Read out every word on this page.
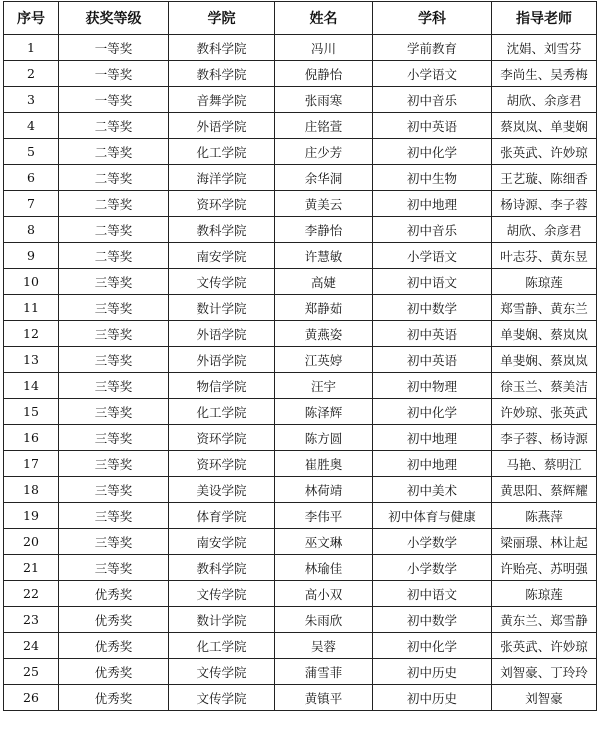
序号	获奖等级	学院	姓名	学科	指导老师
1	一等奖	教科学院	冯川	学前教育	沈娟、刘雪芬
2	一等奖	教科学院	倪静怡	小学语文	李尚生、吴秀梅
3	一等奖	音舞学院	张雨寒	初中音乐	胡欣、余彦君
4	二等奖	外语学院	庄铭萱	初中英语	蔡岚岚、单斐娴
5	二等奖	化工学院	庄少芳	初中化学	张英武、许妙琼
6	二等奖	海洋学院	余华洞	初中生物	王艺璇、陈细香
7	二等奖	资环学院	黄美云	初中地理	杨诗源、李子蓉
8	二等奖	教科学院	李静怡	初中音乐	胡欣、余彦君
9	二等奖	南安学院	许慧敏	小学语文	叶志芬、黄东昱
10	三等奖	文传学院	高婕	初中语文	陈琼莲
11	三等奖	数计学院	郑静茹	初中数学	郑雪静、黄东兰
12	三等奖	外语学院	黄燕姿	初中英语	单斐娴、蔡岚岚
13	三等奖	外语学院	江英婷	初中英语	单斐娴、蔡岚岚
14	三等奖	物信学院	汪宇	初中物理	徐玉兰、蔡美洁
15	三等奖	化工学院	陈泽辉	初中化学	许妙琼、张英武
16	三等奖	资环学院	陈方圆	初中地理	李子蓉、杨诗源
17	三等奖	资环学院	崔胜奥	初中地理	马艳、蔡明江
18	三等奖	美设学院	林荷靖	初中美术	黄思阳、蔡辉耀
19	三等奖	体育学院	李伟平	初中体育与健康	陈燕萍
20	三等奖	南安学院	巫文琳	小学数学	梁丽璟、林让起
21	三等奖	教科学院	林瑜佳	小学数学	许贻亮、苏明强
22	优秀奖	文传学院	高小双	初中语文	陈琼莲
23	优秀奖	数计学院	朱雨欣	初中数学	黄东兰、郑雪静
24	优秀奖	化工学院	吴蓉	初中化学	张英武、许妙琼
25	优秀奖	文传学院	蒲雪菲	初中历史	刘智豪、丁玲玲
26	优秀奖	文传学院	黄镇平	初中历史	刘智豪
